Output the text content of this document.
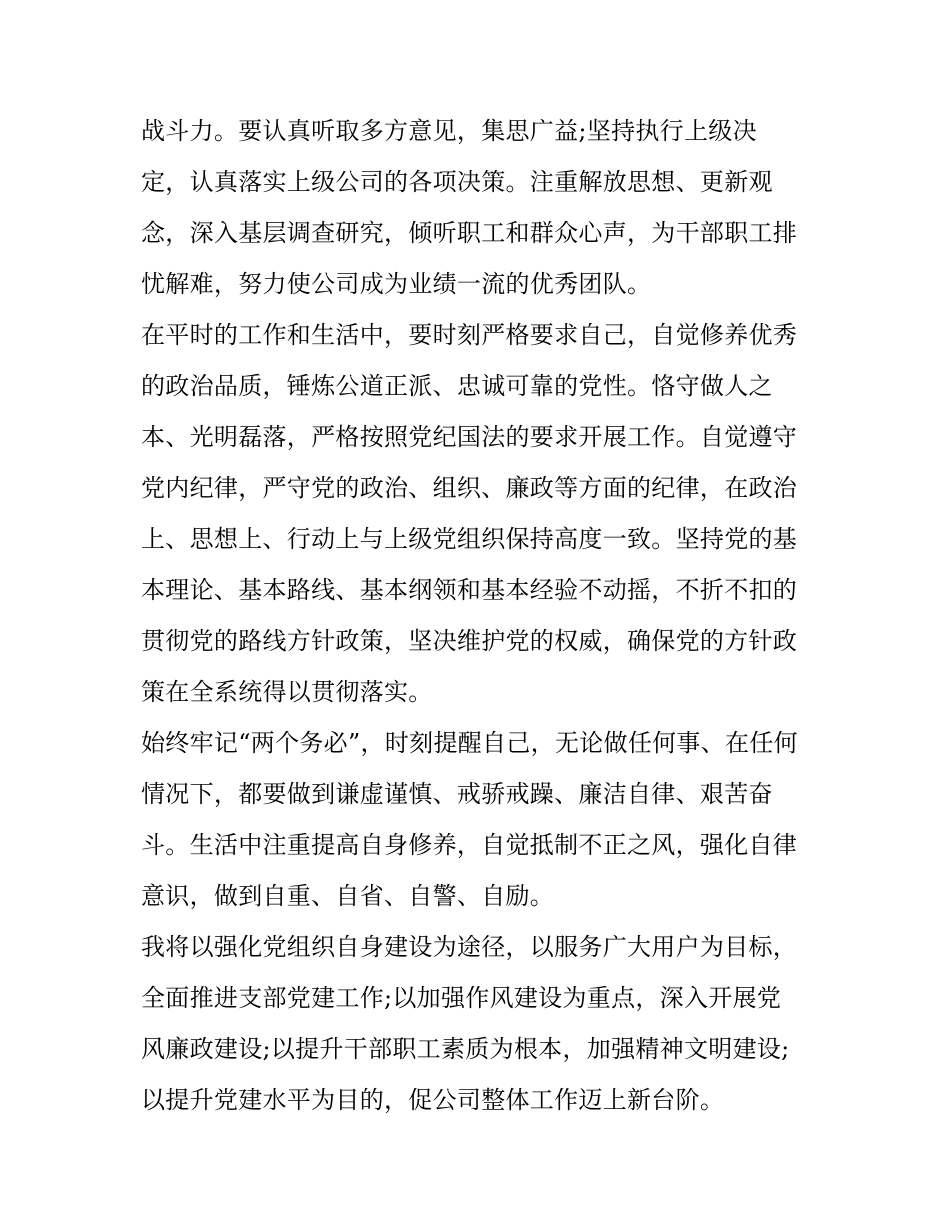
战斗力。要认真听取多方意见，集思广益;坚持执行上级决
定，认真落实上级公司的各项决策。注重解放思想、更新观
念，深入基层调查研究，倾听职工和群众心声，为干部职工排
忧解难，努力使公司成为业绩一流的优秀团队。
在平时的工作和生活中，要时刻严格要求自己，自觉修养优秀
的政治品质，锤炼公道正派、忠诚可靠的党性。恪守做人之
本、光明磊落，严格按照党纪国法的要求开展工作。自觉遵守
党内纪律，严守党的政治、组织、廉政等方面的纪律，在政治
上、思想上、行动上与上级党组织保持高度一致。坚持党的基
本理论、基本路线、基本纲领和基本经验不动摇，不折不扣的
贯彻党的路线方针政策，坚决维护党的权威，确保党的方针政
策在全系统得以贯彻落实。
始终牢记“两个务必”，时刻提醒自己，无论做任何事、在任何
情况下，都要做到谦虚谨慎、戒骄戒躁、廉洁自律、艰苦奋
斗。生活中注重提高自身修养，自觉抵制不正之风，强化自律
意识，做到自重、自省、自警、自励。
我将以强化党组织自身建设为途径，以服务广大用户为目标，
全面推进支部党建工作;以加强作风建设为重点，深入开展党
风廉政建设;以提升干部职工素质为根本，加强精神文明建设;
以提升党建水平为目的，促公司整体工作迈上新台阶。
